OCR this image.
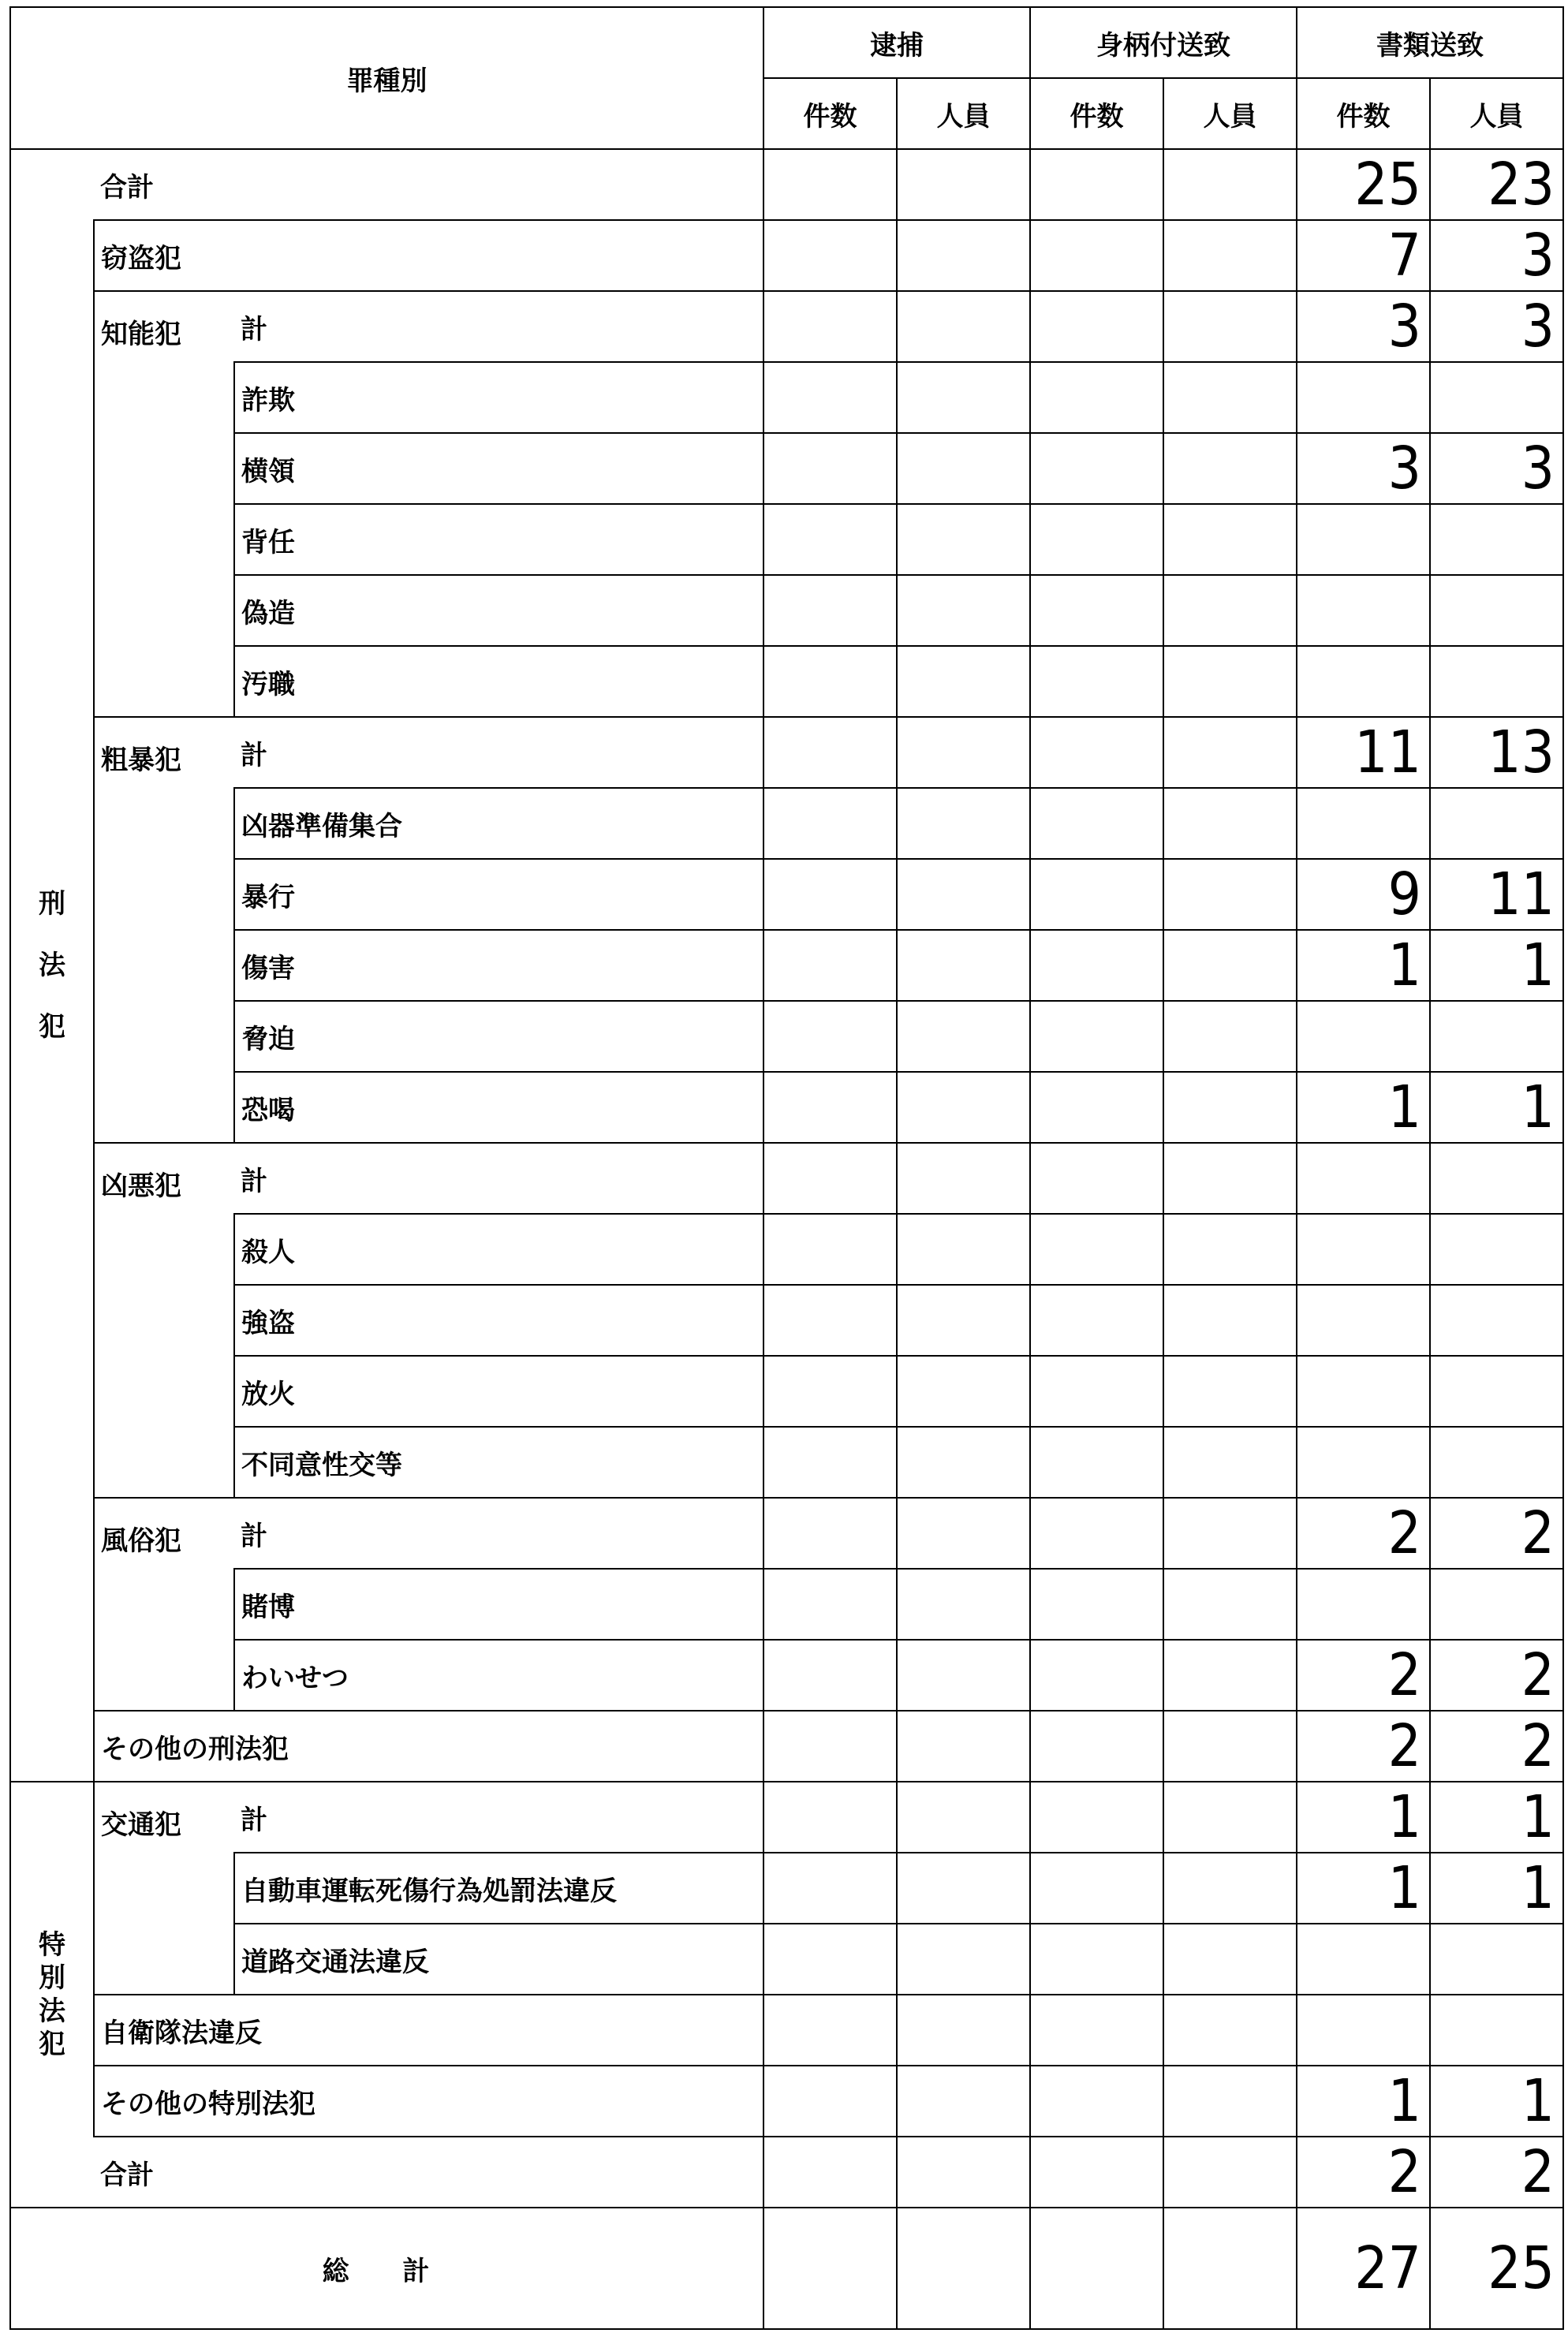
罪種別			逮捕		身柄付送致		書類送致	
			件数	人員	件数	人員	件数	人員

刑
法
犯	合計						25	23
	窃盗犯						7	3
	知能犯	計					3	3
		詐欺						
		横領					3	3
		背任						
		偽造						
		汚職						
	粗暴犯	計					11	13
		凶器準備集合						
		暴行					9	11
		傷害					1	1
		脅迫						
		恐喝					1	1
	凶悪犯	計						
		殺人						
		強盗						
		放火						
		不同意性交等						
	風俗犯	計					2	2
		賭博						
		わいせつ					2	2
	その他の刑法犯						2	2

特
別
法
犯	交通犯	計					1	1
		自動車運転死傷行為処罰法違反					1	1
		道路交通法違反						
	自衛隊法違反							
	その他の特別法犯						1	1
	合計						2	2
総 計							27	25
